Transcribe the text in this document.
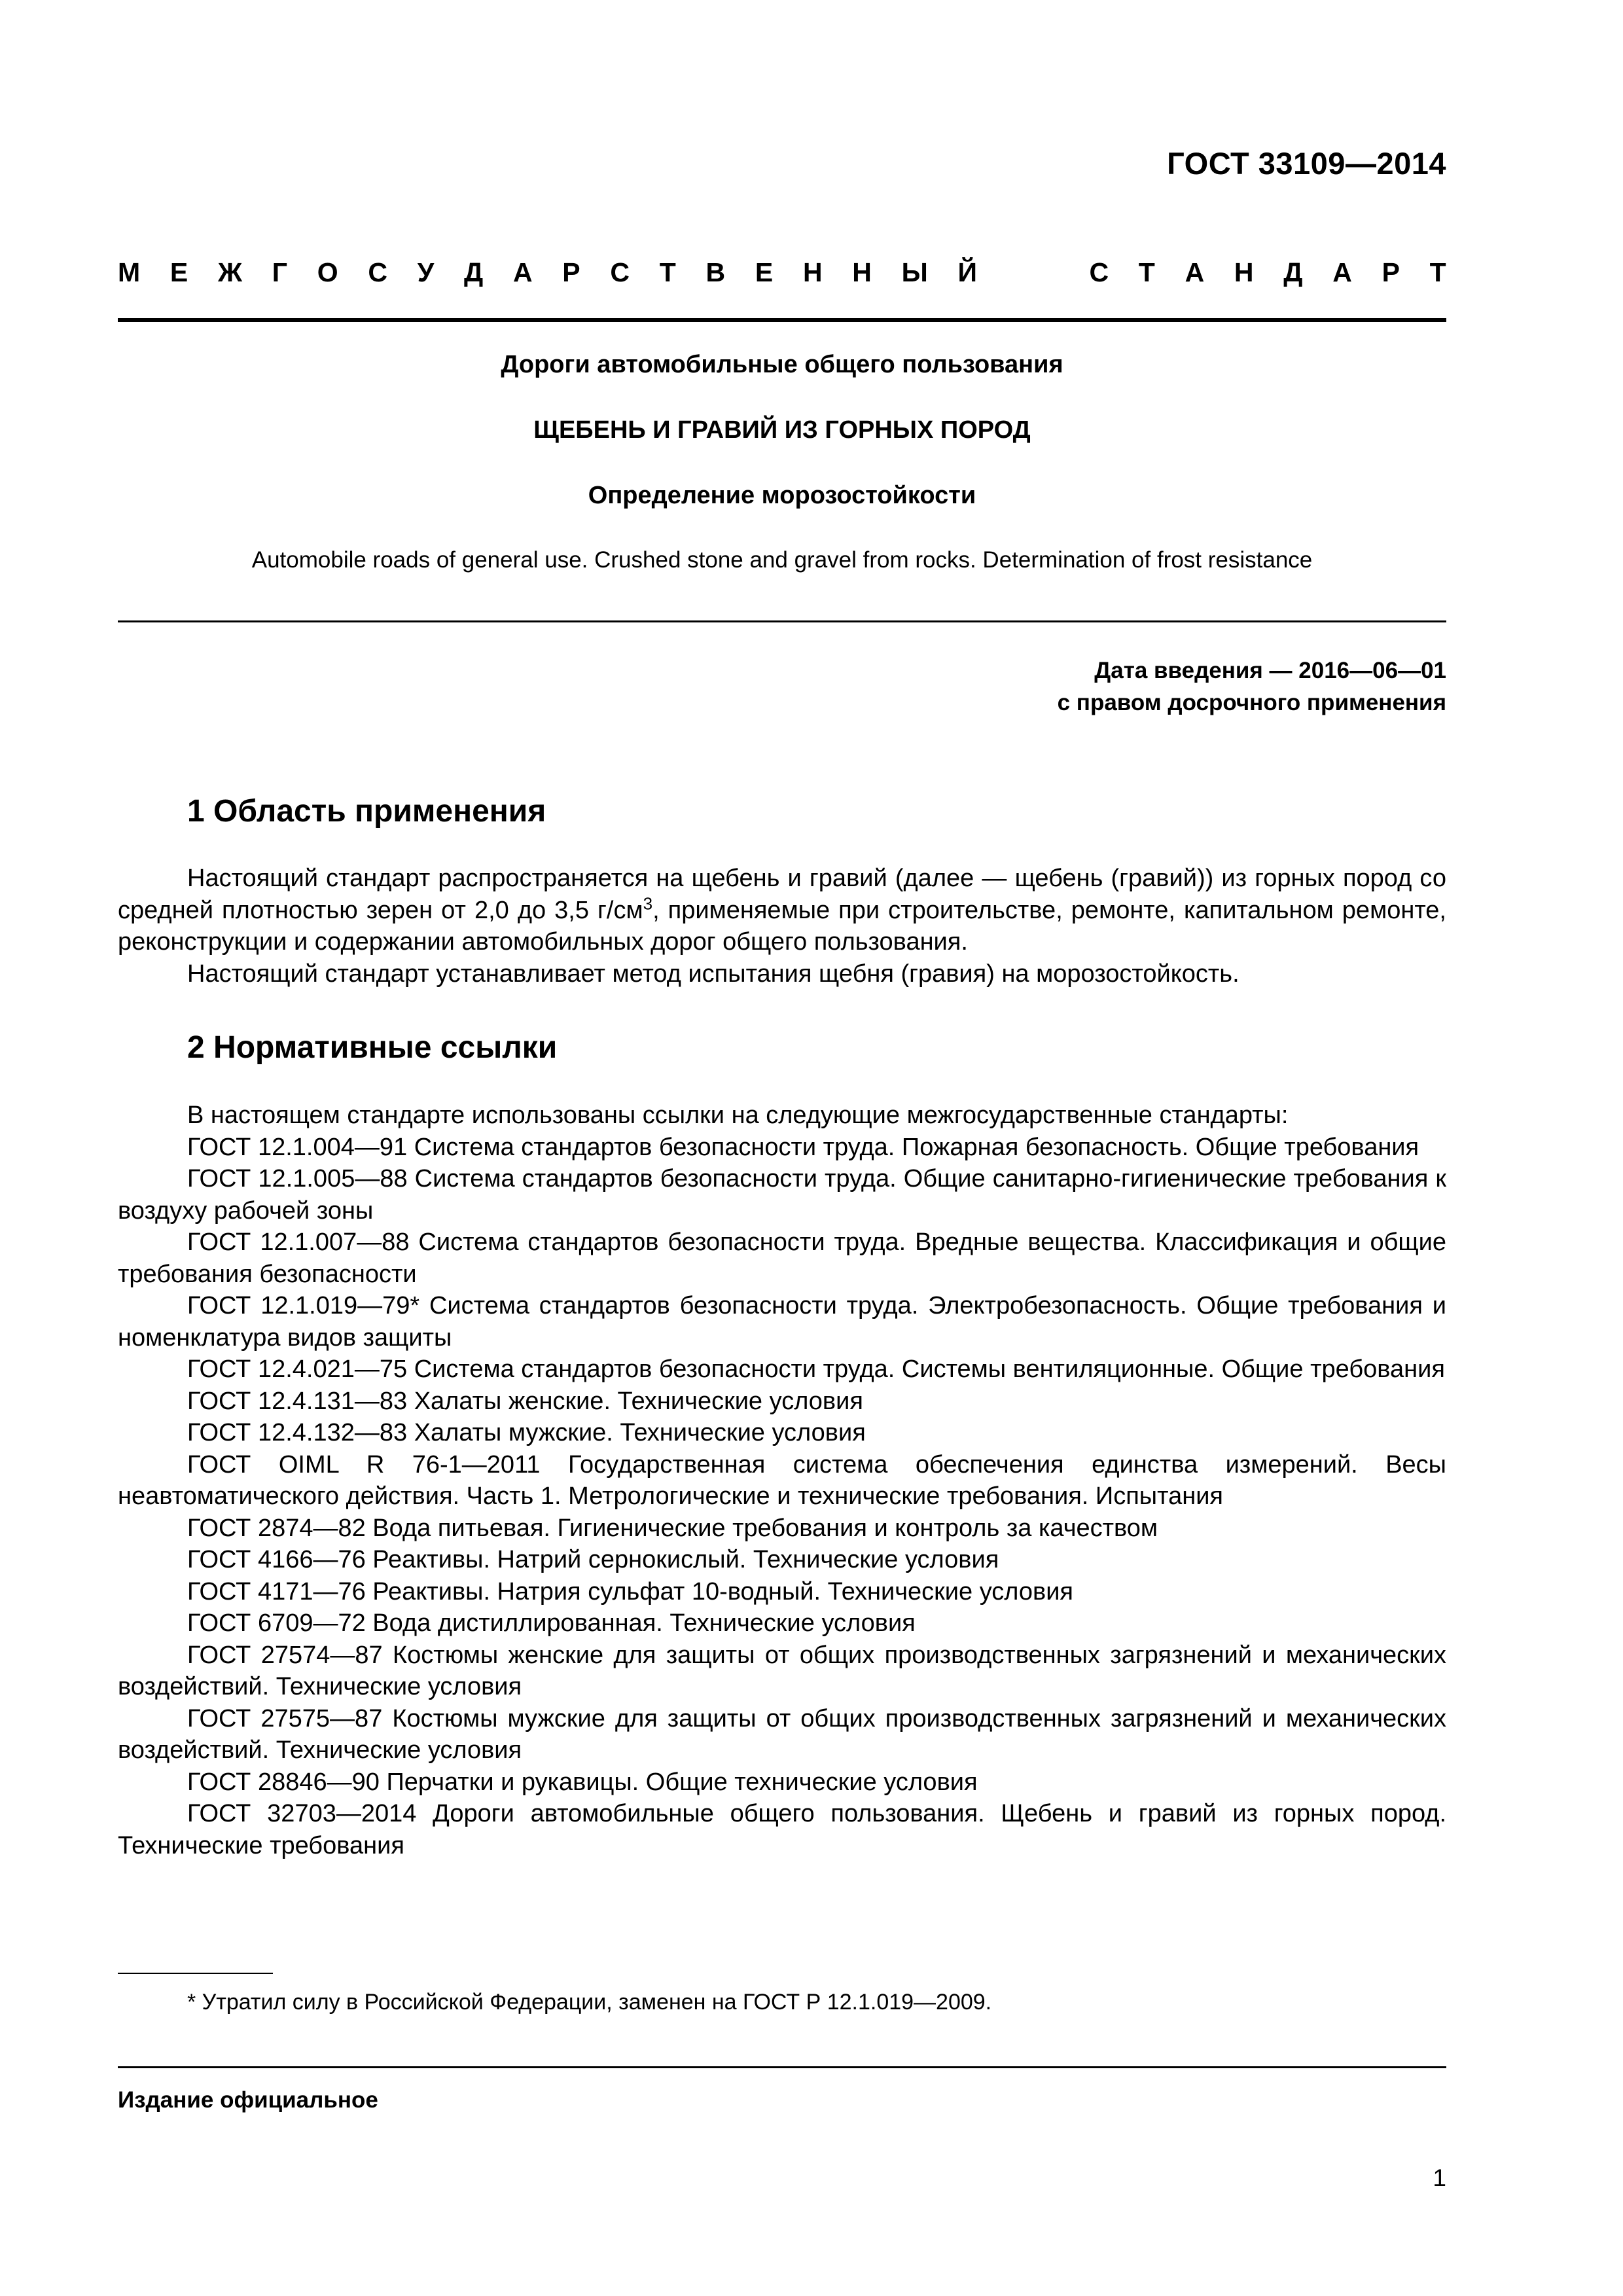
ГОСТ 33109—2014
М Е Ж Г О С У Д А Р С Т В Е Н Н Ы Й	С Т А Н Д А Р Т
Дороги автомобильные общего пользования
ЩЕБЕНЬ И ГРАВИЙ ИЗ ГОРНЫХ ПОРОД
Определение морозостойкости
Automobile roads of general use. Crushed stone and gravel from rocks. Determination of frost resistance
Дата введения — 2016—06—01
с правом досрочного применения
1 Область применения

Настоящий стандарт распространяется на щебень и гравий (далее — щебень (гравий)) из горных пород со средней плотностью зерен от 2,0 до 3,5 $г/см^3$, применяемые при строительстве, ремонте, капитальном ремонте, реконструкции и содержании автомобильных дорог общего пользования.

Настоящий стандарт устанавливает метод испытания щебня (гравия) на морозостойкость.

2 Нормативные ссылки

В настоящем стандарте использованы ссылки на следующие межгосударственные стандарты:

ГОСТ 12.1.004—91 Система стандартов безопасности труда. Пожарная безопасность. Общие требования

ГОСТ 12.1.005—88 Система стандартов безопасности труда. Общие санитарно-гигиенические требования к воздуху рабочей зоны

ГОСТ 12.1.007—88 Система стандартов безопасности труда. Вредные вещества. Классификация и общие требования безопасности

ГОСТ 12.1.019—79* Система стандартов безопасности труда. Электробезопасность. Общие требования и номенклатура видов защиты

ГОСТ 12.4.021—75 Система стандартов безопасности труда. Системы вентиляционные. Общие требования

ГОСТ 12.4.131—83 Халаты женские. Технические условия

ГОСТ 12.4.132—83 Халаты мужские. Технические условия

ГОСТ OIML R 76-1—2011 Государственная система обеспечения единства измерений. Весы неавтоматического действия. Часть 1. Метрологические и технические требования. Испытания

ГОСТ 2874—82 Вода питьевая. Гигиенические требования и контроль за качеством

ГОСТ 4166—76 Реактивы. Натрий сернокислый. Технические условия

ГОСТ 4171—76 Реактивы. Натрия сульфат 10-водный. Технические условия

ГОСТ 6709—72 Вода дистиллированная. Технические условия

ГОСТ 27574—87 Костюмы женские для защиты от общих производственных загрязнений и механических воздействий. Технические условия

ГОСТ 27575—87 Костюмы мужские для защиты от общих производственных загрязнений и механических воздействий. Технические условия

ГОСТ 28846—90 Перчатки и рукавицы. Общие технические условия

ГОСТ 32703—2014 Дороги автомобильные общего пользования. Щебень и гравий из горных пород. Технические требования

* Утратил силу в Российской Федерации, заменен на ГОСТ Р 12.1.019—2009.
Издание официальное
1
